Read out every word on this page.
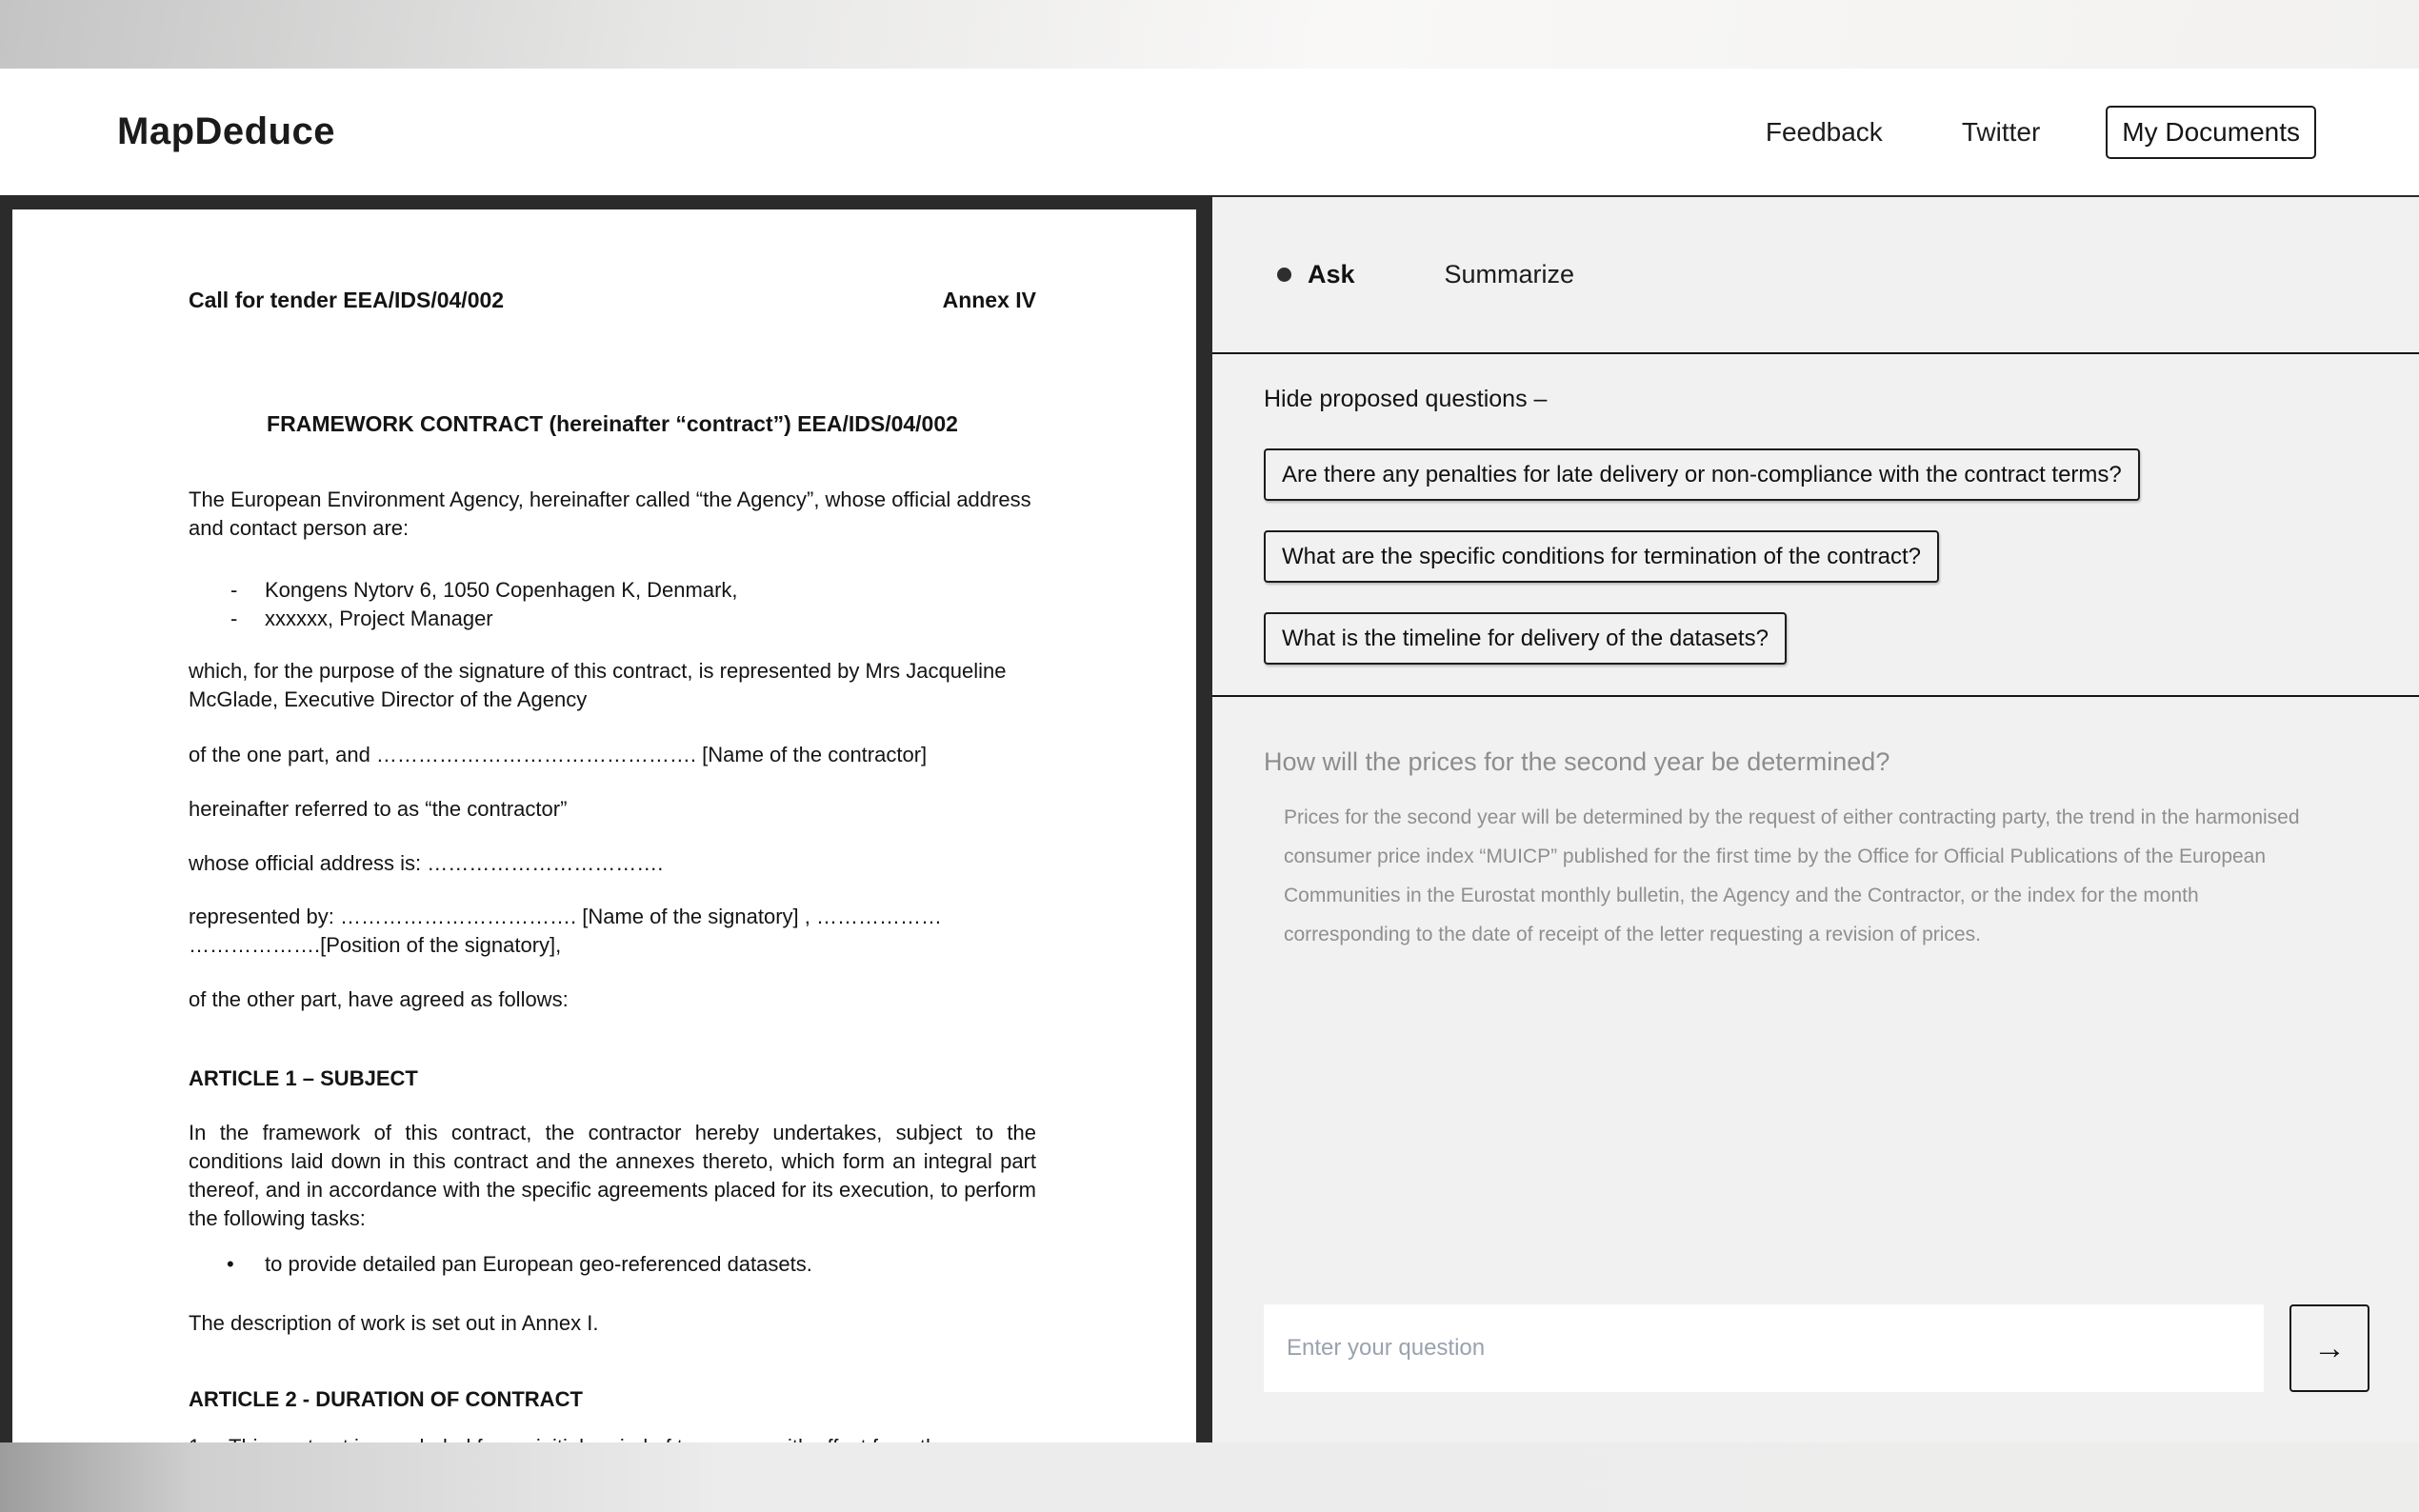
MapDeduce	Feedback	Twitter	My Documents
Call for tender EEA/IDS/04/002	Annex IV
FRAMEWORK CONTRACT (hereinafter “contract”) EEA/IDS/04/002
The European Environment Agency, hereinafter called “the Agency”, whose official address and contact person are:
-	Kongens Nytorv 6, 1050 Copenhagen K, Denmark,
-	xxxxxx, Project Manager
which, for the purpose of the signature of this contract, is represented by Mrs Jacqueline McGlade, Executive Director of the Agency
of the one part, and ………………………………………. [Name of the contractor]
hereinafter referred to as “the contractor”
whose official address is: …………………………….
represented by: ……………………………. [Name of the signatory] , ………………
……………….[Position of the signatory],
of the other part, have agreed as follows:
ARTICLE 1 – SUBJECT
In the framework of this contract, the contractor hereby undertakes, subject to the conditions laid down in this contract and the annexes thereto, which form an integral part thereof, and in accordance with the specific agreements placed for its execution, to perform the following tasks:
•	to provide detailed pan European geo-referenced datasets.
The description of work is set out in Annex I.
ARTICLE 2 - DURATION OF CONTRACT
Ask	Summarize
Hide proposed questions –
Are there any penalties for late delivery or non-compliance with the contract terms?
What are the specific conditions for termination of the contract?
What is the timeline for delivery of the datasets?
How will the prices for the second year be determined?
Prices for the second year will be determined by the request of either contracting party, the trend in the harmonised consumer price index “MUICP” published for the first time by the Office for Official Publications of the European Communities in the Eurostat monthly bulletin, the Agency and the Contractor, or the index for the month corresponding to the date of receipt of the letter requesting a revision of prices.
Enter your question
→
